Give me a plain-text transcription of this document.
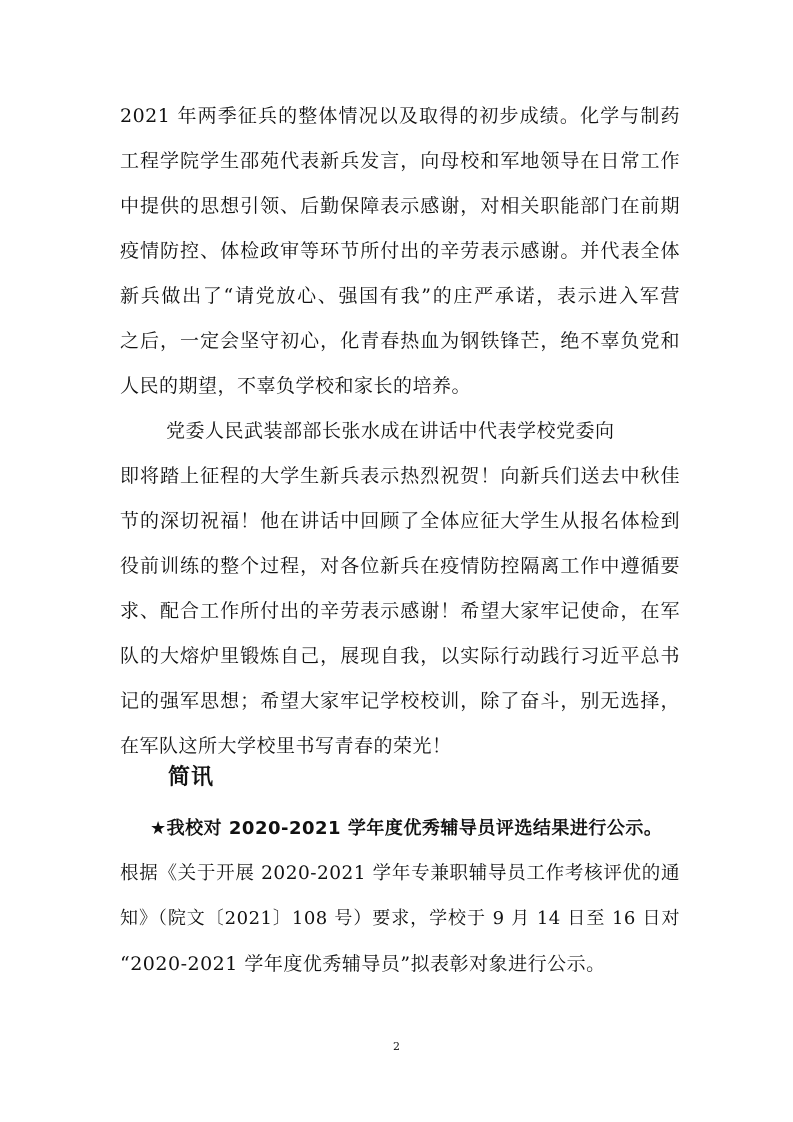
2021 年两季征兵的整体情况以及取得的初步成绩。化学与制药
工程学院学生邵苑代表新兵发言，向母校和军地领导在日常工作
中提供的思想引领、后勤保障表示感谢，对相关职能部门在前期
疫情防控、体检政审等环节所付出的辛劳表示感谢。并代表全体
新兵做出了“请党放心、强国有我”的庄严承诺，表示进入军营
之后，一定会坚守初心，化青春热血为钢铁锋芒，绝不辜负党和
人民的期望，不辜负学校和家长的培养。
党委人民武装部部长张水成在讲话中代表学校党委向
即将踏上征程的大学生新兵表示热烈祝贺！向新兵们送去中秋佳
节的深切祝福！他在讲话中回顾了全体应征大学生从报名体检到
役前训练的整个过程，对各位新兵在疫情防控隔离工作中遵循要
求、配合工作所付出的辛劳表示感谢！希望大家牢记使命，在军
队的大熔炉里锻炼自己，展现自我，以实际行动践行习近平总书
记的强军思想；希望大家牢记学校校训，除了奋斗，别无选择，
在军队这所大学校里书写青春的荣光！
简讯
★我校对 2020-2021 学年度优秀辅导员评选结果进行公示。
根据《关于开展 2020-2021 学年专兼职辅导员工作考核评优的通
知》（院文〔2021〕108 号）要求，学校于 9 月 14 日至 16 日对
“2020-2021 学年度优秀辅导员”拟表彰对象进行公示。
2
